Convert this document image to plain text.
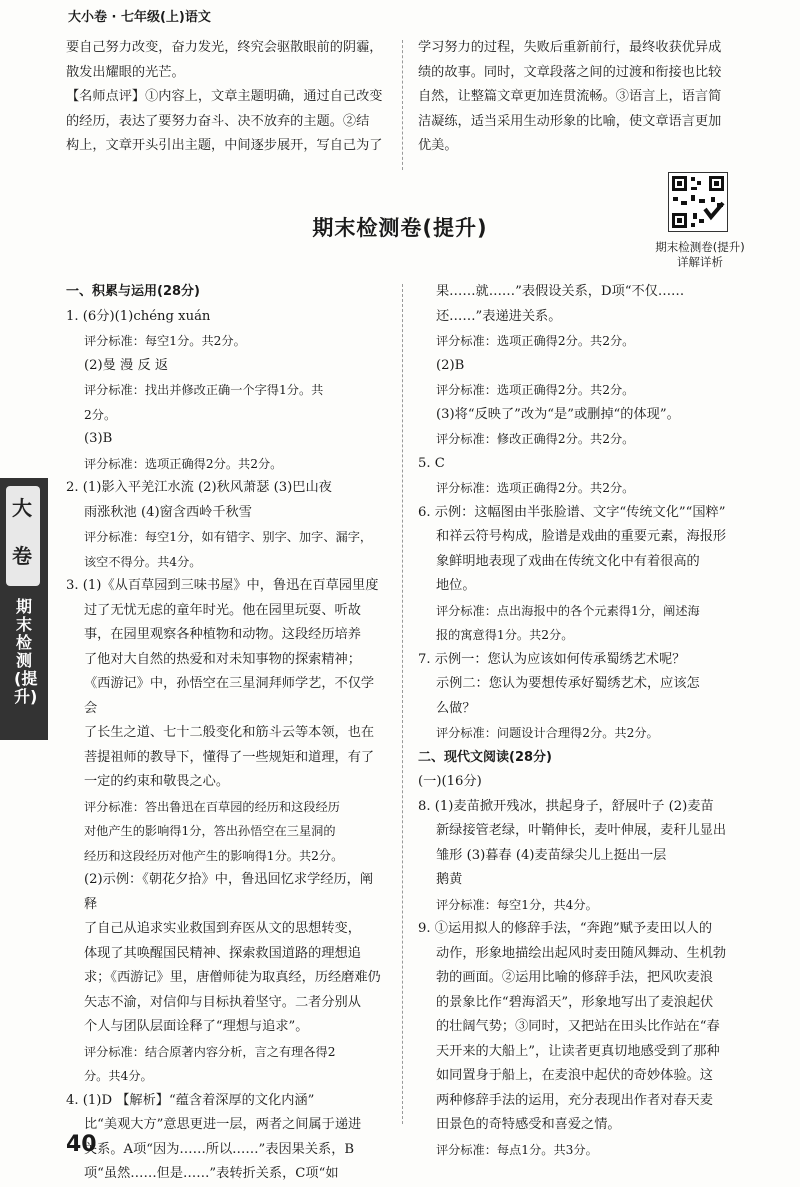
大小卷 · 七年级(上)语文

要自己努力改变，奋力发光，终究会驱散眼前的阴霾，

散发出耀眼的光芒。

【名师点评】①内容上，文章主题明确，通过自己改变

的经历，表达了要努力奋斗、决不放弃的主题。②结

构上，文章开头引出主题，中间逐步展开，写自己为了

学习努力的过程，失败后重新前行，最终收获优异成

绩的故事。同时，文章段落之间的过渡和衔接也比较

自然，让整篇文章更加连贯流畅。③语言上，语言简

洁凝练，适当采用生动形象的比喻，使文章语言更加

优美。

期末检测卷(提升)
详解详析
期末检测卷(提升)

一、积累与运用(28分)

1. (6分)(1)chéng xuán

评分标准：每空1分。共2分。

(2)曼 漫 反 返

评分标准：找出并修改正确一个字得1分。共

2分。

(3)B

评分标准：选项正确得2分。共2分。

2. (1)影入平羌江水流 (2)秋风萧瑟 (3)巴山夜

雨涨秋池 (4)窗含西岭千秋雪

评分标准：每空1分，如有错字、别字、加字、漏字，

该空不得分。共4分。

3. (1)《从百草园到三味书屋》中，鲁迅在百草园里度

过了无忧无虑的童年时光。他在园里玩耍、听故

事，在园里观察各种植物和动物。这段经历培养

了他对大自然的热爱和对未知事物的探索精神；

《西游记》中，孙悟空在三星洞拜师学艺，不仅学会

了长生之道、七十二般变化和筋斗云等本领，也在

菩提祖师的教导下，懂得了一些规矩和道理，有了

一定的约束和敬畏之心。

评分标准：答出鲁迅在百草园的经历和这段经历

对他产生的影响得1分，答出孙悟空在三星洞的

经历和这段经历对他产生的影响得1分。共2分。

(2)示例：《朝花夕拾》中，鲁迅回忆求学经历，阐释

了自己从追求实业救国到弃医从文的思想转变，

体现了其唤醒国民精神、探索救国道路的理想追

求；《西游记》里，唐僧师徒为取真经，历经磨难仍

矢志不渝，对信仰与目标执着坚守。二者分别从

个人与团队层面诠释了“理想与追求”。

评分标准：结合原著内容分析，言之有理各得2

分。共4分。

4. (1)D 【解析】“蕴含着深厚的文化内涵”

比“美观大方”意思更进一层，两者之间属于递进

关系。A项“因为……所以……”表因果关系，B

项“虽然……但是……”表转折关系，C项“如

果……就……”表假设关系，D项“不仅……

还……”表递进关系。

评分标准：选项正确得2分。共2分。

(2)B

评分标准：选项正确得2分。共2分。

(3)将“反映了”改为“是”或删掉“的体现”。

评分标准：修改正确得2分。共2分。

5. C

评分标准：选项正确得2分。共2分。

6. 示例：这幅图由半张脸谱、文字“传统文化”“国粹”

和祥云符号构成，脸谱是戏曲的重要元素，海报形

象鲜明地表现了戏曲在传统文化中有着很高的

地位。

评分标准：点出海报中的各个元素得1分，阐述海

报的寓意得1分。共2分。

7. 示例一：您认为应该如何传承蜀绣艺术呢？

示例二：您认为要想传承好蜀绣艺术，应该怎

么做？

评分标准：问题设计合理得2分。共2分。

二、现代文阅读(28分)

(一)(16分)

8. (1)麦苗掀开残冰，拱起身子，舒展叶子 (2)麦苗

新绿接管老绿，叶鞘伸长，麦叶伸展，麦秆儿显出

雏形 (3)暮春 (4)麦苗绿尖儿上挺出一层

鹅黄

评分标准：每空1分，共4分。

9. ①运用拟人的修辞手法，“奔跑”赋予麦田以人的

动作，形象地描绘出起风时麦田随风舞动、生机勃

勃的画面。②运用比喻的修辞手法，把风吹麦浪

的景象比作“碧海滔天”，形象地写出了麦浪起伏

的壮阔气势；③同时，又把站在田头比作站在“春

天开来的大船上”，让读者更真切地感受到了那种

如同置身于船上，在麦浪中起伏的奇妙体验。这

两种修辞手法的运用，充分表现出作者对春天麦

田景色的奇特感受和喜爱之情。

评分标准：每点1分。共3分。

大
卷
期末检测(提升)
40
